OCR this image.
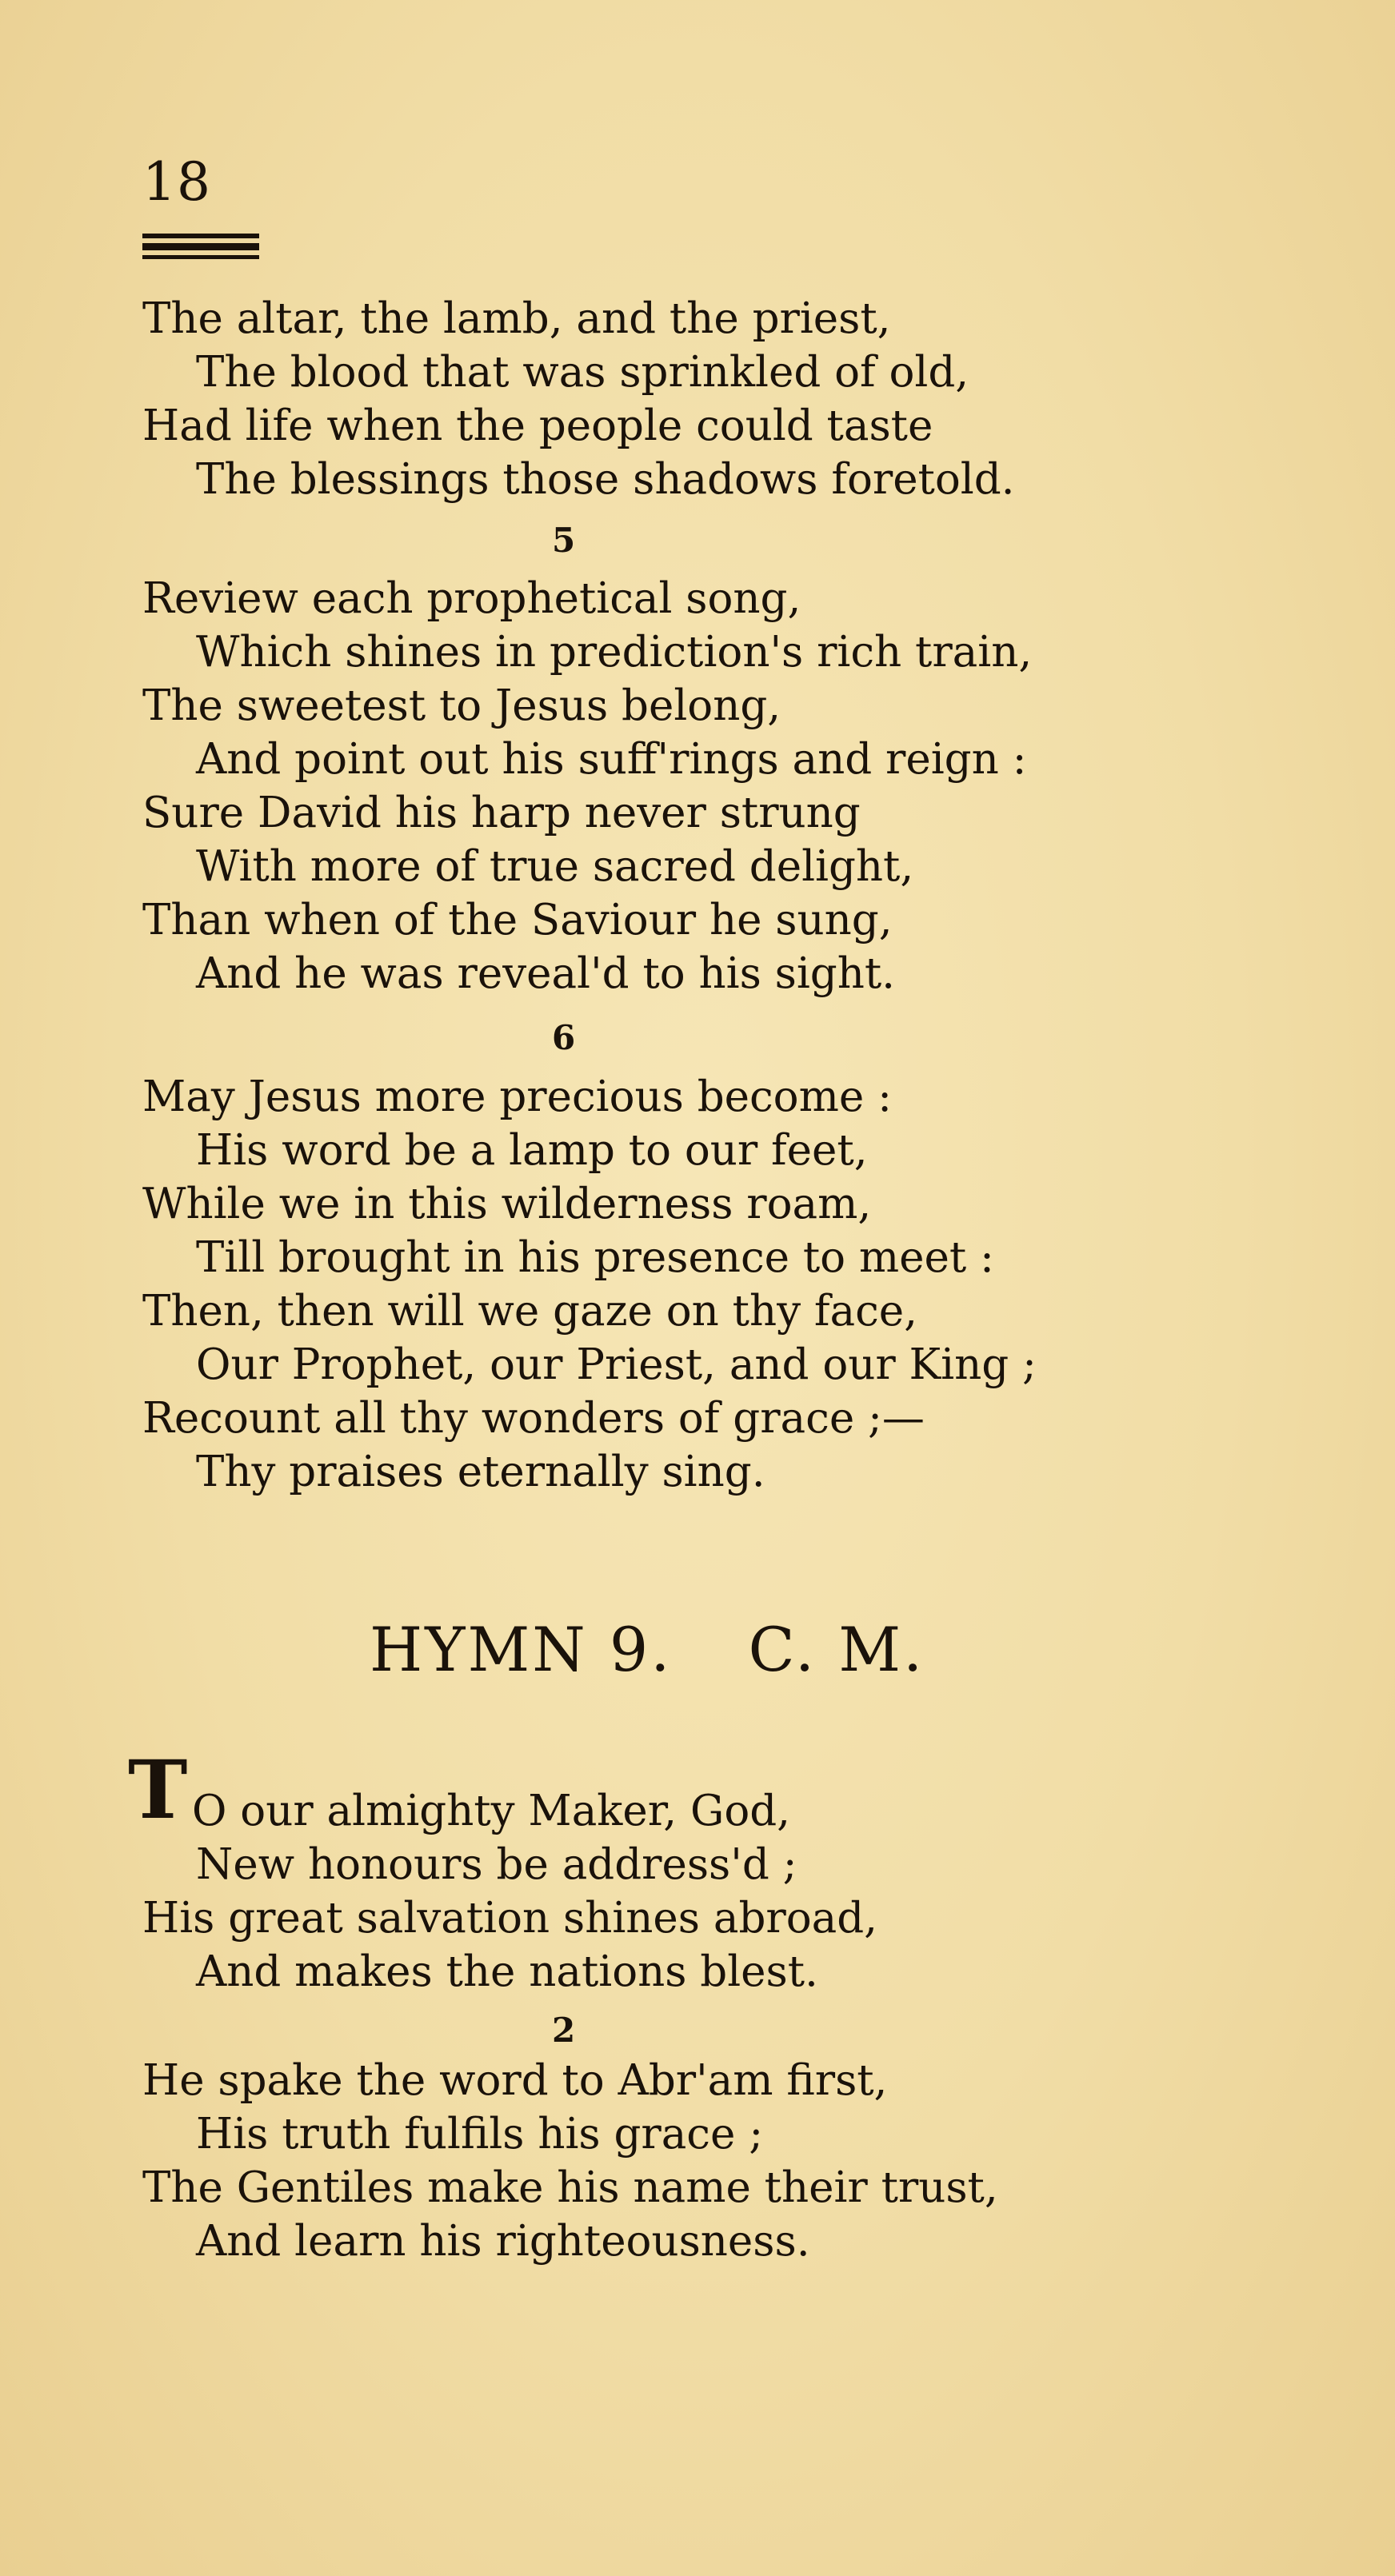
18
The altar, the lamb, and the priest,
The blood that was sprinkled of old,
Had life when the people could taste
The blessings those shadows foretold.
5
Review each prophetical song,
Which shines in prediction's rich train,
The sweetest to Jesus belong,
And point out his suff'rings and reign :
Sure David his harp never strung
With more of true sacred delight,
Than when of the Saviour he sung,
And he was reveal'd to his sight.
6
May Jesus more precious become :
His word be a lamp to our feet,
While we in this wilderness roam,
Till brought in his presence to meet :
Then, then will we gaze on thy face,
Our Prophet, our Priest, and our King ;
Recount all thy wonders of grace ;—
Thy praises eternally sing.
HYMN 9. C. M.
T O our almighty Maker, God,
New honours be address'd ;
His great salvation shines abroad,
And makes the nations blest.
2
He spake the word to Abr'am first,
His truth fulfils his grace ;
The Gentiles make his name their trust,
And learn his righteousness.
